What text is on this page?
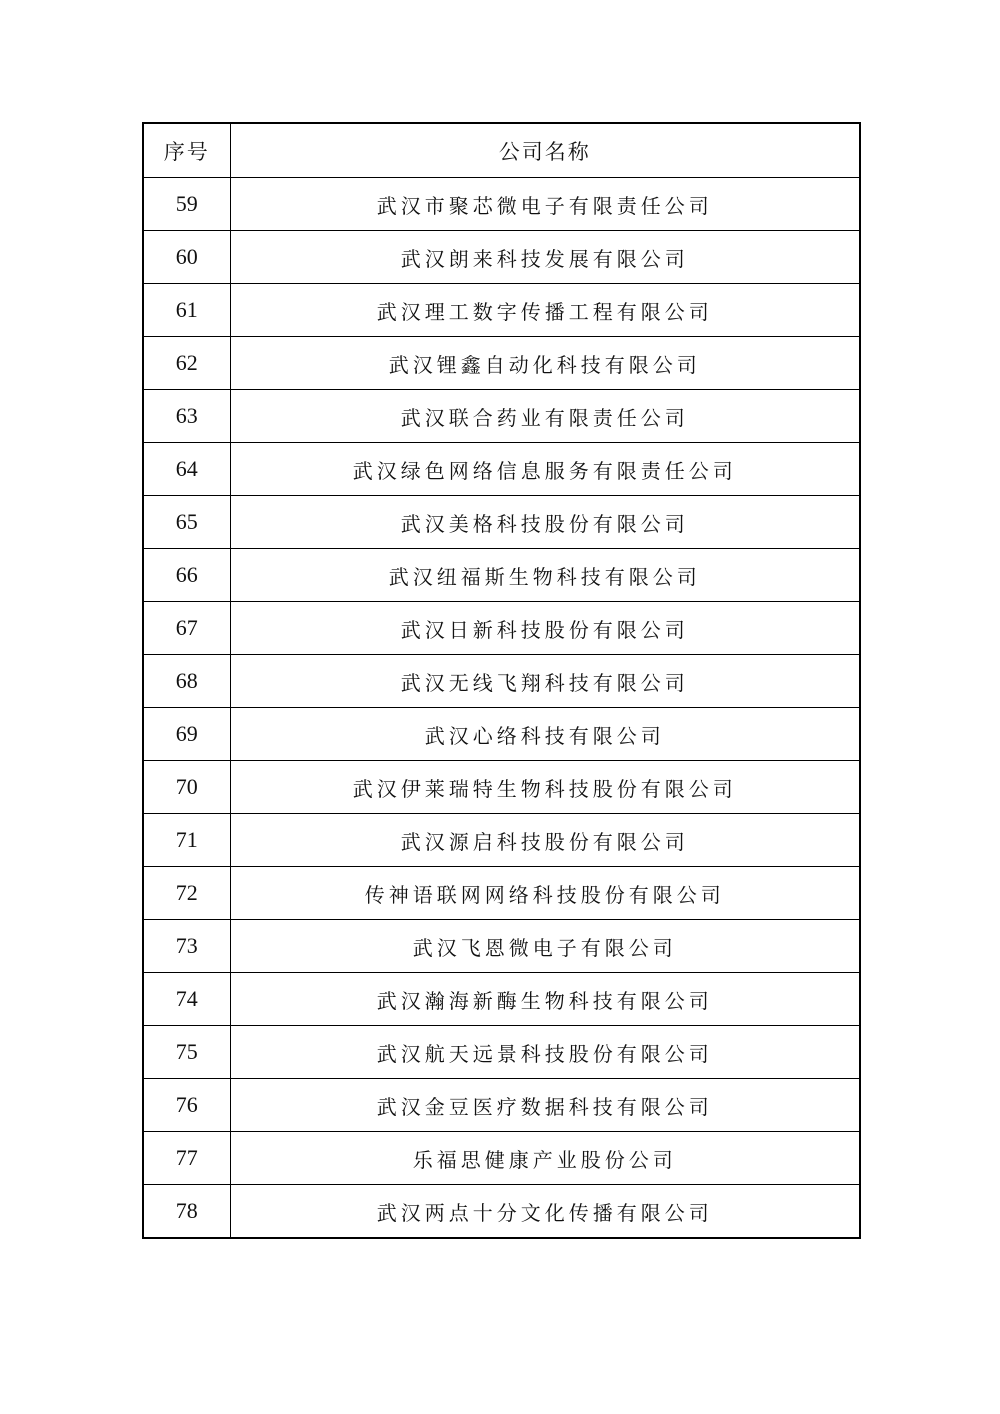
序号	公司名称
59	武汉市聚芯微电子有限责任公司
60	武汉朗来科技发展有限公司
61	武汉理工数字传播工程有限公司
62	武汉锂鑫自动化科技有限公司
63	武汉联合药业有限责任公司
64	武汉绿色网络信息服务有限责任公司
65	武汉美格科技股份有限公司
66	武汉纽福斯生物科技有限公司
67	武汉日新科技股份有限公司
68	武汉无线飞翔科技有限公司
69	武汉心络科技有限公司
70	武汉伊莱瑞特生物科技股份有限公司
71	武汉源启科技股份有限公司
72	传神语联网网络科技股份有限公司
73	武汉飞恩微电子有限公司
74	武汉瀚海新酶生物科技有限公司
75	武汉航天远景科技股份有限公司
76	武汉金豆医疗数据科技有限公司
77	乐福思健康产业股份公司
78	武汉两点十分文化传播有限公司
